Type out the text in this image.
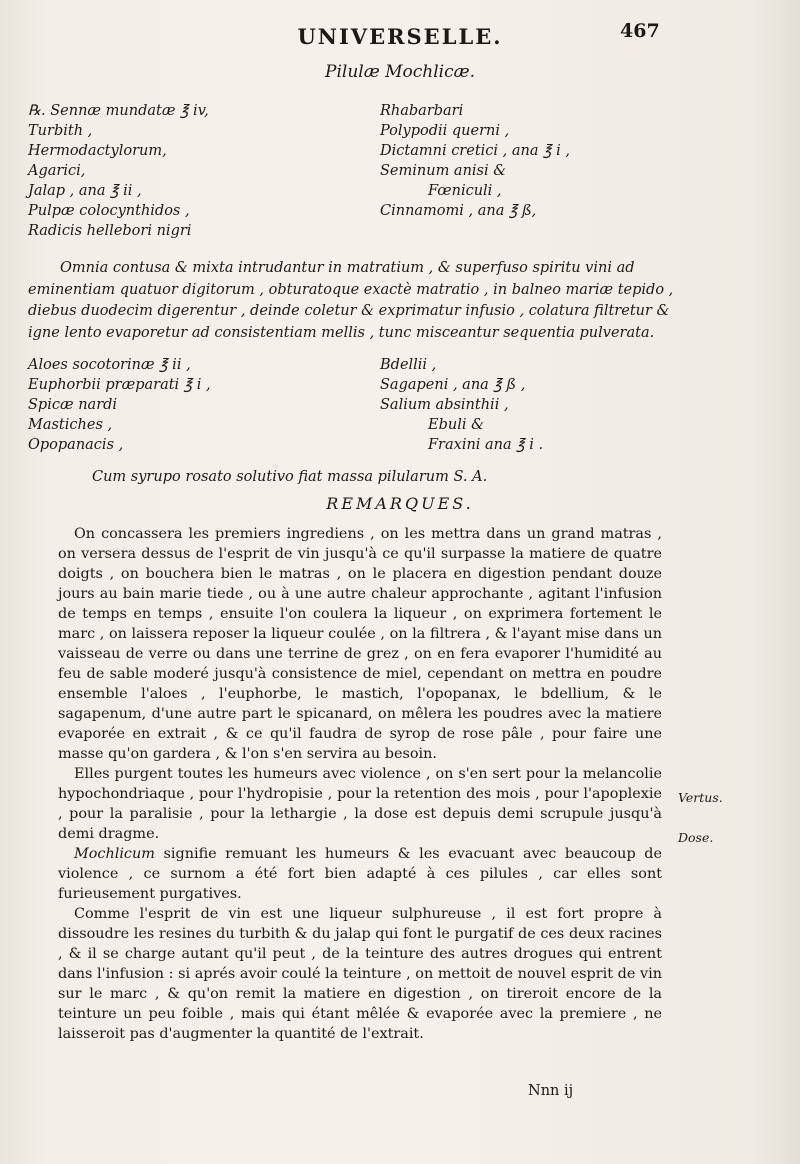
UNIVERSELLE.	467
Pilulæ Mochlicæ.
℞. Sennæ mundatæ ℥ iv,
Turbith ,
Hermodactylorum,
Agarici,
Jalap , ana ℥ ii ,
Pulpæ colocynthidos ,
Radicis hellebori nigri
Rhabarbari
Polypodii querni ,
Dictamni cretici , ana ℥ i ,
Seminum anisi &
Fœniculi ,
Cinnamomi , ana ℥ ß,
Omnia contusa & mixta intrudantur in matratium , & superfuso spiritu vini ad
eminentiam quatuor digitorum , obturatoque exactè matratio , in balneo mariæ tepido ,
diebus duodecim digerentur , deinde coletur & exprimatur infusio , colatura filtretur &
igne lento evaporetur ad consistentiam mellis , tunc misceantur sequentia pulverata.
Aloes socotorinæ ℥ ii ,
Euphorbii præparati ℥ i ,
Spicæ nardi
Mastiches ,
Opopanacis ,
Bdellii ,
Sagapeni , ana ℥ ß ,
Salium absinthii ,
Ebuli &
Fraxini ana ℥ i .
Cum syrupo rosato solutivo fiat massa pilularum S. A.
REMARQUES.

On concassera les premiers ingrediens , on les mettra dans un grand matras , on versera dessus de l'esprit de vin jusqu'à ce qu'il surpasse la matiere de quatre doigts , on bouchera bien le matras , on le placera en digestion pendant douze jours au bain marie tiede , ou à une autre chaleur approchante , agitant l'infusion de temps en temps , ensuite l'on coulera la liqueur , on exprimera fortement le marc , on laissera reposer la liqueur coulée , on la filtrera , & l'ayant mise dans un vaisseau de verre ou dans une terrine de grez , on en fera evaporer l'humidité au feu de sable moderé jusqu'à consistence de miel, cependant on mettra en poudre ensemble l'aloes , l'euphorbe, le mastich, l'opopanax, le bdellium, & le sagapenum, d'une autre part le spicanard, on mêlera les poudres avec la matiere evaporée en extrait , & ce qu'il faudra de syrop de rose pâle , pour faire une masse qu'on gardera , & l'on s'en servira au besoin.

Elles purgent toutes les humeurs avec violence , on s'en sert pour la melancolie hypochondriaque , pour l'hydropisie , pour la retention des mois , pour l'apoplexie , pour la paralisie , pour la lethargie , la dose est depuis demi scrupule jusqu'à demi dragme.

Mochlicum signifie remuant les humeurs & les evacuant avec beaucoup de violence , ce surnom a été fort bien adapté à ces pilules , car elles sont furieusement purgatives.

Comme l'esprit de vin est une liqueur sulphureuse , il est fort propre à dissoudre les resines du turbith & du jalap qui font le purgatif de ces deux racines , & il se charge autant qu'il peut , de la teinture des autres drogues qui entrent dans l'infusion : si aprés avoir coulé la teinture , on mettoit de nouvel esprit de vin sur le marc , & qu'on remit la matiere en digestion , on tireroit encore de la teinture un peu foible , mais qui étant mêlée & evaporée avec la premiere , ne laisseroit pas d'augmenter la quantité de l'extrait.

Vertus.
Dose.
Nnn ij
